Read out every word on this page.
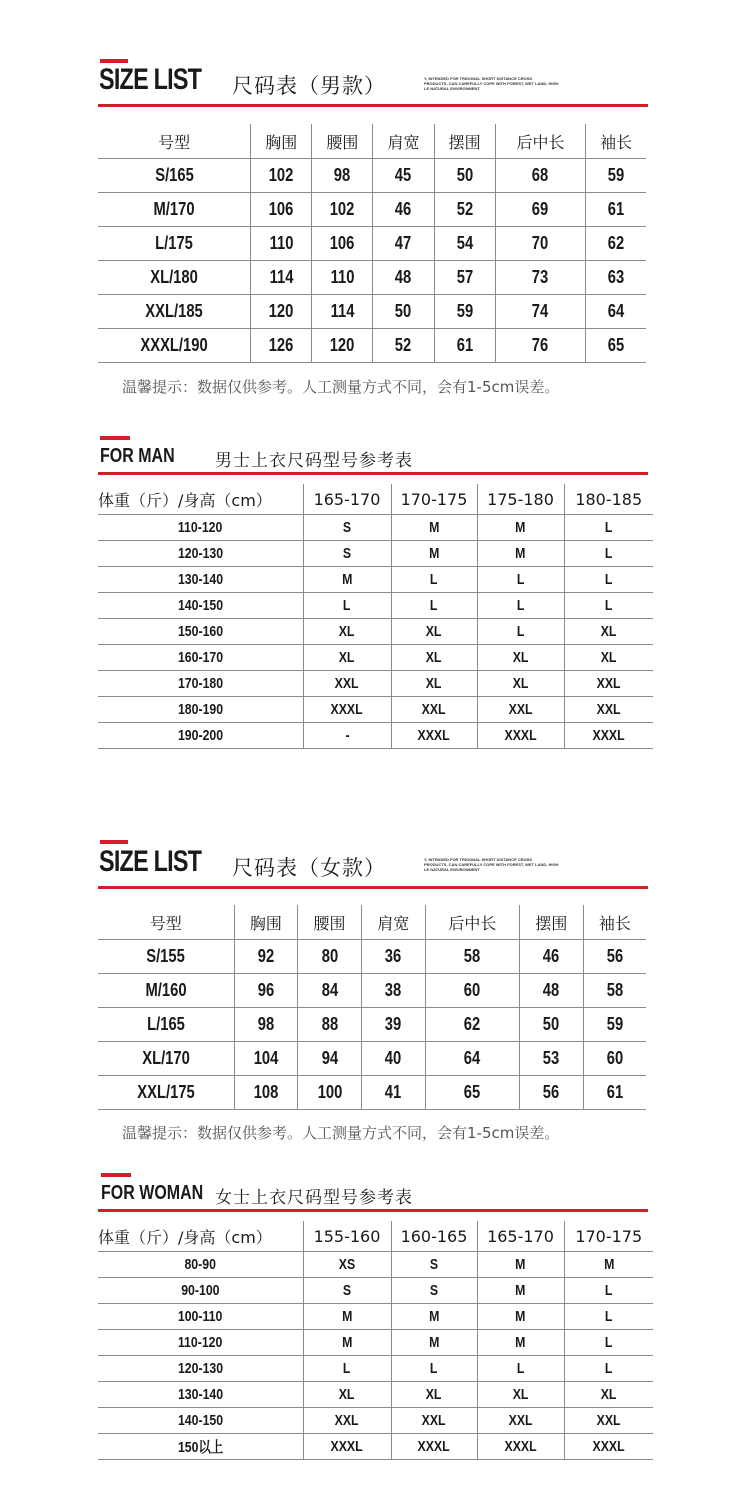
SIZE LIST 尺码表（男款）	Y, INTENDED FOR TRIGONAL SHORT DISTANCE CROSS
PRODUCTS, CAN CAREFULLY COPE WITH FOREST, WET LAND, HIGH
LE NATURAL ENVIRONMENT
号型	胸围	腰围	肩宽	摆围	后中长	袖长
S/165	102	98	45	50	68	59
M/170	106	102	46	52	69	61
L/175	110	106	47	54	70	62
XL/180	114	110	48	57	73	63
XXL/185	120	114	50	59	74	64
XXXL/190	126	120	52	61	76	65
温馨提示：数据仅供参考。人工测量方式不同，会有1-5cm误差。
FOR MAN 男士上衣尺码型号参考表
体重（斤）/身高（cm）	165-170	170-175	175-180	180-185
110-120	S	M	M	L
120-130	S	M	M	L
130-140	M	L	L	L
140-150	L	L	L	L
150-160	XL	XL	L	XL
160-170	XL	XL	XL	XL
170-180	XXL	XL	XL	XXL
180-190	XXXL	XXL	XXL	XXL
190-200	-	XXXL	XXXL	XXXL
SIZE LIST 尺码表（女款）	Y, INTENDED FOR TRIGONAL SHORT DISTANCE CROSS
PRODUCTS, CAN CAREFULLY COPE WITH FOREST, WET LAND, HIGH
LE NATURAL ENVIRONMENT
号型	胸围	腰围	肩宽	后中长	摆围	袖长
S/155	92	80	36	58	46	56
M/160	96	84	38	60	48	58
L/165	98	88	39	62	50	59
XL/170	104	94	40	64	53	60
XXL/175	108	100	41	65	56	61
温馨提示：数据仅供参考。人工测量方式不同，会有1-5cm误差。
FOR WOMAN 女士上衣尺码型号参考表
体重（斤）/身高（cm）	155-160	160-165	165-170	170-175
80-90	XS	S	M	M
90-100	S	S	M	L
100-110	M	M	M	L
110-120	M	M	M	L
120-130	L	L	L	L
130-140	XL	XL	XL	XL
140-150	XXL	XXL	XXL	XXL
150以上	XXXL	XXXL	XXXL	XXXL
